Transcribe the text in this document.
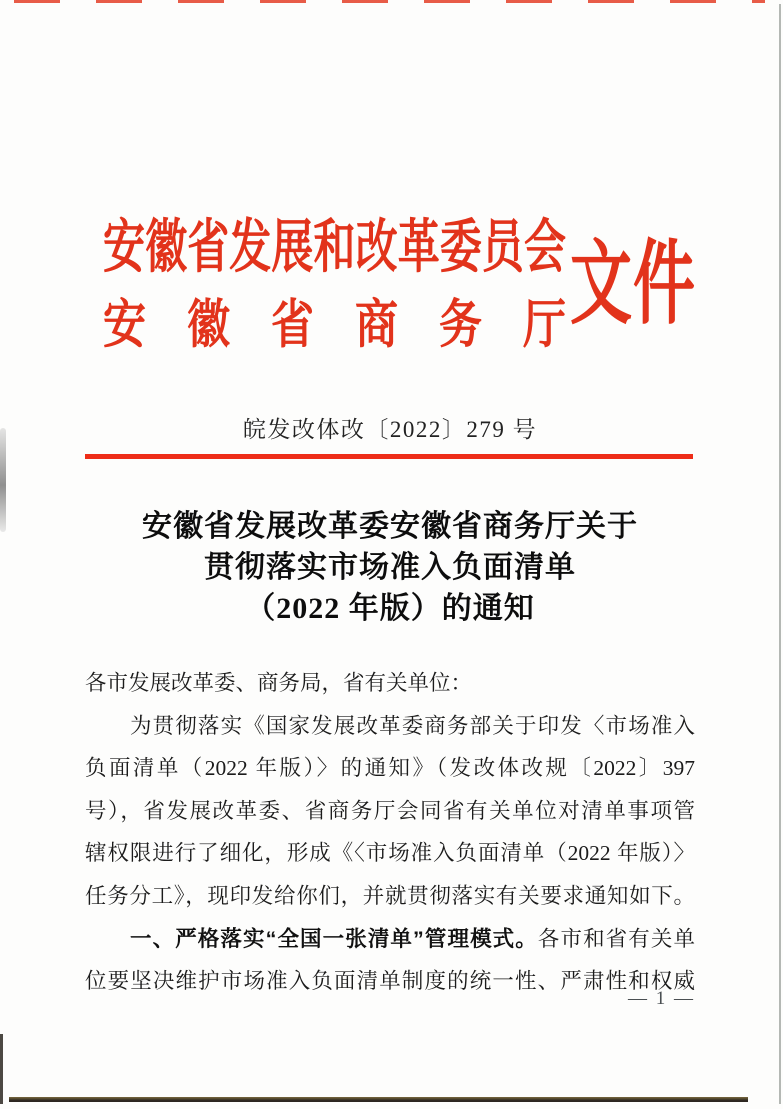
安徽省发展和改革委员会
安徽省商务厅 文件
皖发改体改〔2022〕279 号
安徽省发展改革委安徽省商务厅关于
贯彻落实市场准入负面清单
（2022 年版）的通知
各市发展改革委、商务局，省有关单位：
为贯彻落实《国家发展改革委商务部关于印发〈市场准入
负面清单（2022 年版）〉的通知》（发改体改规〔2022〕397
号），省发展改革委、省商务厅会同省有关单位对清单事项管
辖权限进行了细化，形成《〈市场准入负面清单（2022 年版）〉
任务分工》，现印发给你们，并就贯彻落实有关要求通知如下。
一、严格落实“全国一张清单”管理模式。各市和省有关单
位要坚决维护市场准入负面清单制度的统一性、严肃性和权威
— 1 —
